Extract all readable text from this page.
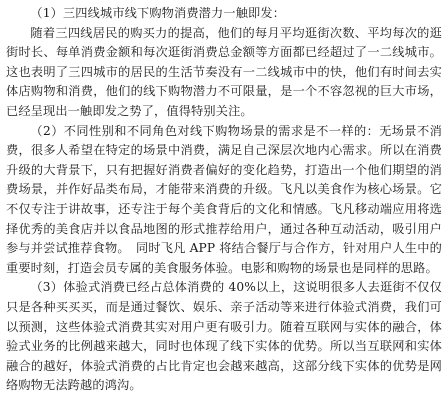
（1）三四线城市线下购物消费潜力一触即发：

随着三四线居民的购买力的提高，他们的每月平均逛街次数、平均每次的逛街时长、每单消费金额和每次逛街消费总金额等方面都已经超过了一二线城市。这也表明了三四城市的居民的生活节奏没有一二线城市中的快，他们有时间去实体店购物和消费，他们的线下购物潜力不可限量，是一个不容忽视的巨大市场，已经呈现出一触即发之势了，值得特别关注。

（2）不同性别和不同角色对线下购物场景的需求是不一样的：无场景不消费，很多人希望在特定的场景中消费，满足自己深层次地内心需求。所以在消费升级的大背景下，只有把握好消费者偏好的变化趋势，打造出一个他们期望的消费场景，并作好品类布局，才能带来消费的升级。飞凡以美食作为核心场景。它不仅专注于讲故事，还专注于每个美食背后的文化和情感。飞凡移动端应用将选择优秀的美食店并以食品地图的形式推荐给用户，通过各种互动活动，吸引用户参与并尝试推荐食物。　同时飞凡 APP 将结合餐厅与合作方，针对用户人生中的重要时刻，打造会员专属的美食服务体验。电影和购物的场景也是同样的思路。

（3）体验式消费已经占总体消费的 40%以上，这说明很多人去逛街不仅仅只是各种买买买，而是通过餐饮、娱乐、亲子活动等来进行体验式消费，我们可以预测，这些体验式消费其实对用户更有吸引力。随着互联网与实体的融合，体验式业务的比例越来越大，同时也体现了线下实体的优势。所以当互联网和实体融合的越好，体验式消费的占比肯定也会越来越高，这部分线下实体的优势是网络购物无法跨越的鸿沟。
